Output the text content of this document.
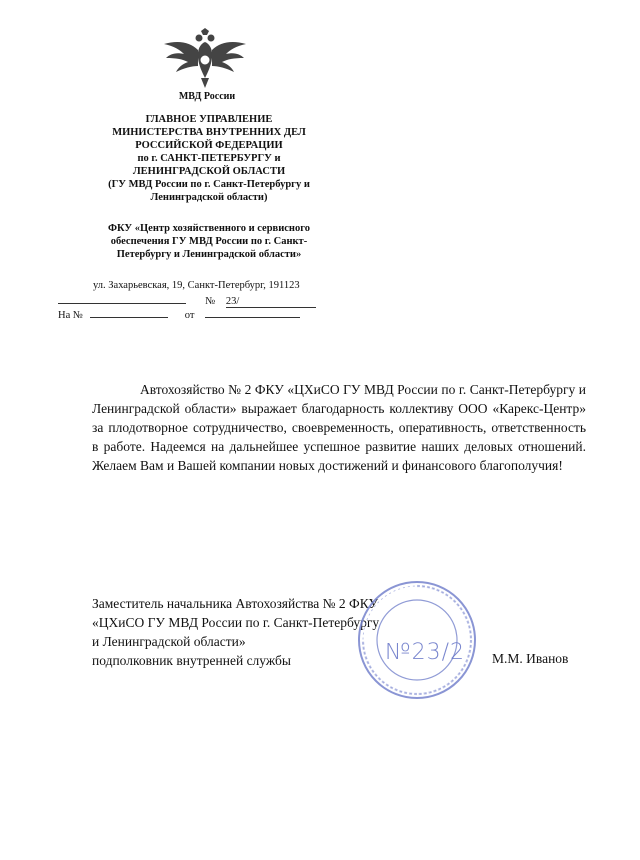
МВД России
ГЛАВНОЕ УПРАВЛЕНИЕ
МИНИСТЕРСТВА ВНУТРЕННИХ ДЕЛ
РОССИЙСКОЙ ФЕДЕРАЦИИ
по г. САНКТ-ПЕТЕРБУРГУ и
ЛЕНИНГРАДСКОЙ ОБЛАСТИ
(ГУ МВД России по г. Санкт-Петербургу и
Ленинградской области)
ФКУ «Центр хозяйственного и сервисного
обеспечения ГУ МВД России по г. Санкт-
Петербургу и Ленинградской области»
ул. Захарьевская, 19, Санкт-Петербург, 191123
№ 23/
На №	от
Автохозяйство № 2 ФКУ «ЦХиСО ГУ МВД России по г. Санкт-Петербургу и Ленинградской области» выражает благодарность коллективу ООО «Карекс-Центр» за плодотворное сотрудничество, своевременность, оперативность, ответственность в работе. Надеемся на дальнейшее успешное развитие наших деловых отношений. Желаем Вам и Вашей компании новых достижений и финансового благополучия!
Заместитель начальника Автохозяйства № 2 ФКУ
«ЦХиСО ГУ МВД России по г. Санкт-Петербургу
и Ленинградской области»
подполковник внутренней службы	№23/2 М.М. Иванов
